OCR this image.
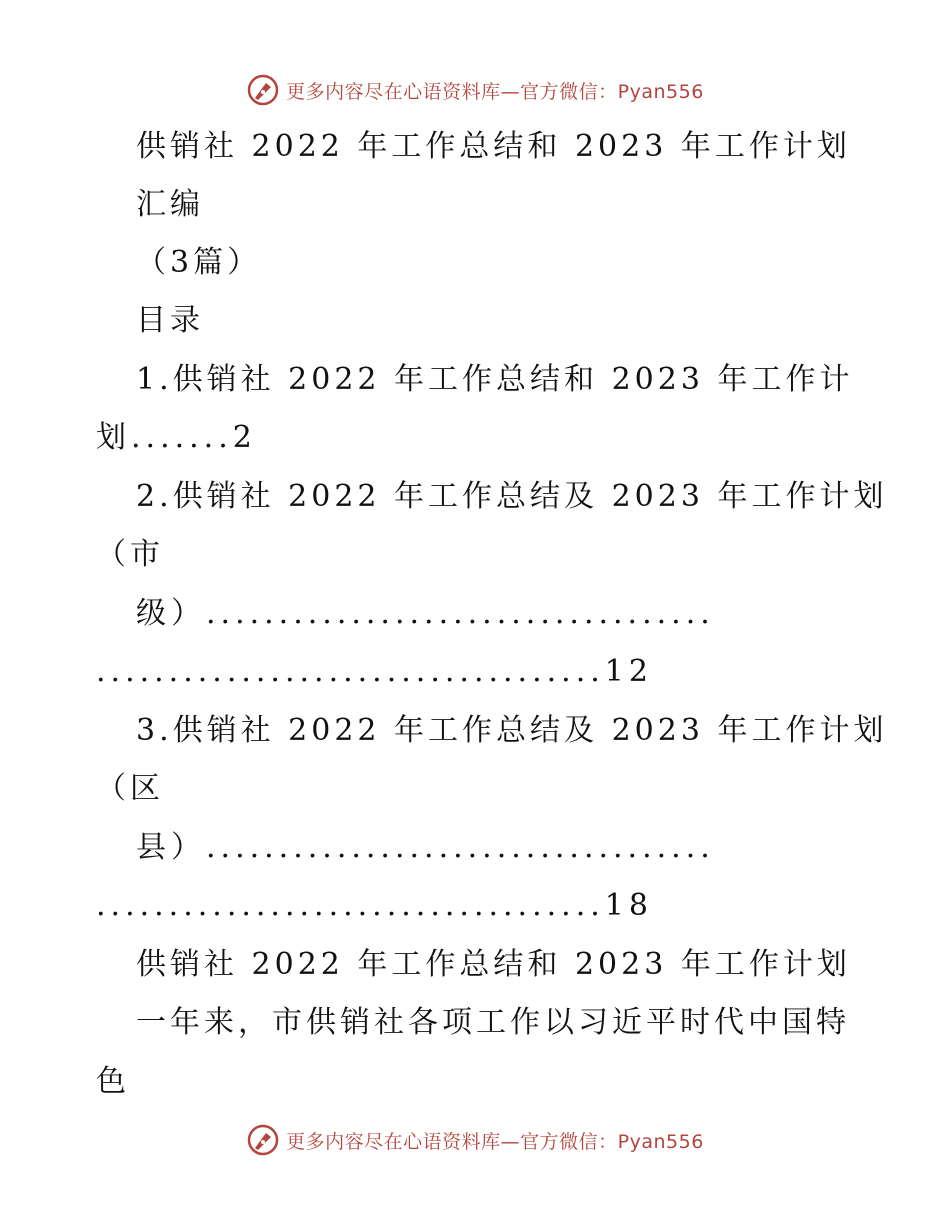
更多内容尽在心语资料库—官方微信：Pyan556
供销社 2022 年工作总结和 2023 年工作计划
汇编
（3篇）
目录
1.供销社 2022 年工作总结和 2023 年工作计
划.......2
2.供销社 2022 年工作总结及 2023 年工作计划
（市
级）...................................
...................................12
3.供销社 2022 年工作总结及 2023 年工作计划
（区
县）...................................
...................................18
供销社 2022 年工作总结和 2023 年工作计划
一年来，市供销社各项工作以习近平时代中国特
色
更多内容尽在心语资料库—官方微信：Pyan556
